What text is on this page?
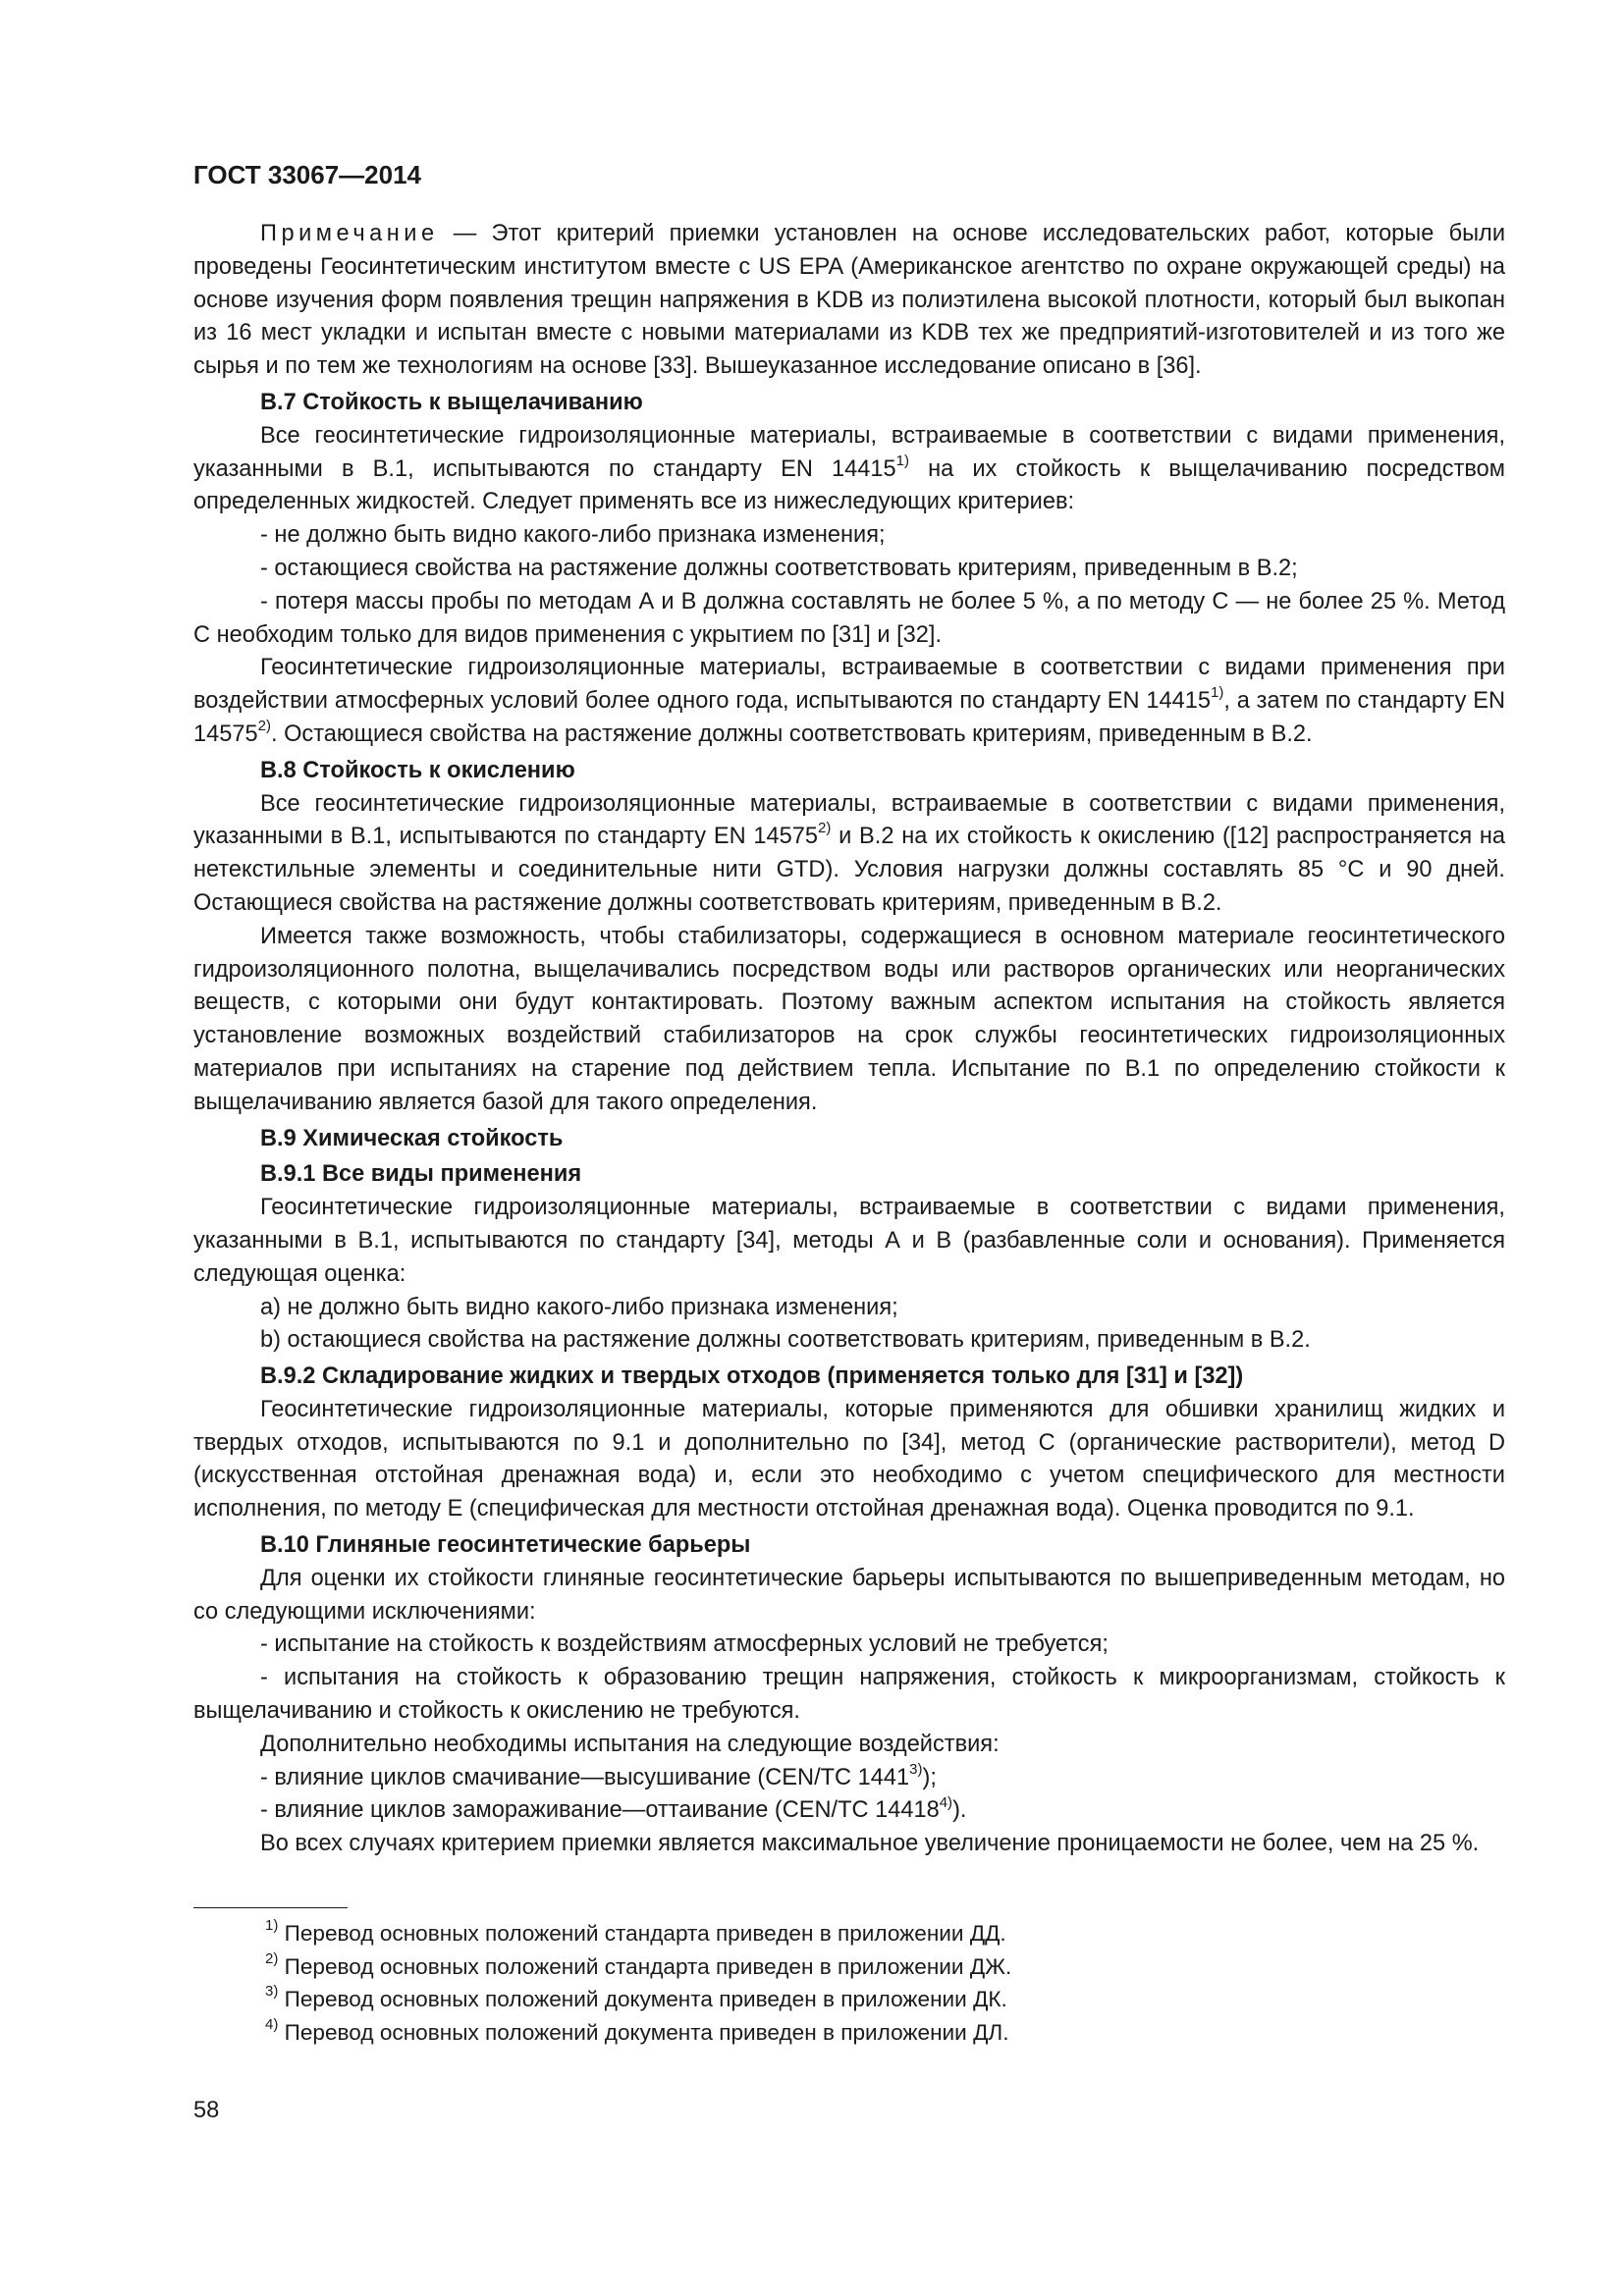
ГОСТ 33067—2014

Примечание — Этот критерий приемки установлен на основе исследовательских работ, которые были проведены Геосинтетическим институтом вместе с US EPA (Американское агентство по охране окружающей среды) на основе изучения форм появления трещин напряжения в KDB из полиэтилена высокой плотности, который был выкопан из 16 мест укладки и испытан вместе с новыми материалами из KDB тех же предприятий-изготовителей и из того же сырья и по тем же технологиям на основе [33]. Вышеуказанное исследование описано в [36].

В.7 Стойкость к выщелачиванию

Все геосинтетические гидроизоляционные материалы, встраиваемые в соответствии с видами применения, указанными в В.1, испытываются по стандарту EN 14415$^{1)}$ на их стойкость к выщелачиванию посредством определенных жидкостей. Следует применять все из нижеследующих критериев:

- не должно быть видно какого-либо признака изменения;

- остающиеся свойства на растяжение должны соответствовать критериям, приведенным в В.2;

- потеря массы пробы по методам А и В должна составлять не более 5 %, а по методу С — не более 25 %. Метод С необходим только для видов применения с укрытием по [31] и [32].

Геосинтетические гидроизоляционные материалы, встраиваемые в соответствии с видами применения при воздействии атмосферных условий более одного года, испытываются по стандарту EN 14415$^{1)}$, а затем по стандарту EN 14575$^{2)}$. Остающиеся свойства на растяжение должны соответствовать критериям, приведенным в В.2.

В.8 Стойкость к окислению

Все геосинтетические гидроизоляционные материалы, встраиваемые в соответствии с видами применения, указанными в В.1, испытываются по стандарту EN 14575$^{2)}$ и В.2 на их стойкость к окислению ([12] распространяется на нетекстильные элементы и соединительные нити GTD). Условия нагрузки должны составлять 85 °С и 90 дней. Остающиеся свойства на растяжение должны соответствовать критериям, приведенным в В.2.

Имеется также возможность, чтобы стабилизаторы, содержащиеся в основном материале геосинтетического гидроизоляционного полотна, выщелачивались посредством воды или растворов органических или неорганических веществ, с которыми они будут контактировать. Поэтому важным аспектом испытания на стойкость является установление возможных воздействий стабилизаторов на срок службы геосинтетических гидроизоляционных материалов при испытаниях на старение под действием тепла. Испытание по В.1 по определению стойкости к выщелачиванию является базой для такого определения.

В.9 Химическая стойкость

В.9.1 Все виды применения

Геосинтетические гидроизоляционные материалы, встраиваемые в соответствии с видами применения, указанными в В.1, испытываются по стандарту [34], методы А и В (разбавленные соли и основания). Применяется следующая оценка:

a) не должно быть видно какого-либо признака изменения;

b) остающиеся свойства на растяжение должны соответствовать критериям, приведенным в В.2.

В.9.2 Складирование жидких и твердых отходов (применяется только для [31] и [32])

Геосинтетические гидроизоляционные материалы, которые применяются для обшивки хранилищ жидких и твердых отходов, испытываются по 9.1 и дополнительно по [34], метод С (органические растворители), метод D (искусственная отстойная дренажная вода) и, если это необходимо с учетом специфического для местности исполнения, по методу Е (специфическая для местности отстойная дренажная вода). Оценка проводится по 9.1.

В.10 Глиняные геосинтетические барьеры

Для оценки их стойкости глиняные геосинтетические барьеры испытываются по вышеприведенным методам, но со следующими исключениями:

- испытание на стойкость к воздействиям атмосферных условий не требуется;

- испытания на стойкость к образованию трещин напряжения, стойкость к микроорганизмам, стойкость к выщелачиванию и стойкость к окислению не требуются.

Дополнительно необходимы испытания на следующие воздействия:

- влияние циклов смачивание—высушивание (CEN/TC 1441$^{3)}$);

- влияние циклов замораживание—оттаивание (CEN/TC 14418$^{4)}$).

Во всех случаях критерием приемки является максимальное увеличение проницаемости не более, чем на 25 %.

$^{1)}$ Перевод основных положений стандарта приведен в приложении ДД.

$^{2)}$ Перевод основных положений стандарта приведен в приложении ДЖ.

$^{3)}$ Перевод основных положений документа приведен в приложении ДК.

$^{4)}$ Перевод основных положений документа приведен в приложении ДЛ.

58
